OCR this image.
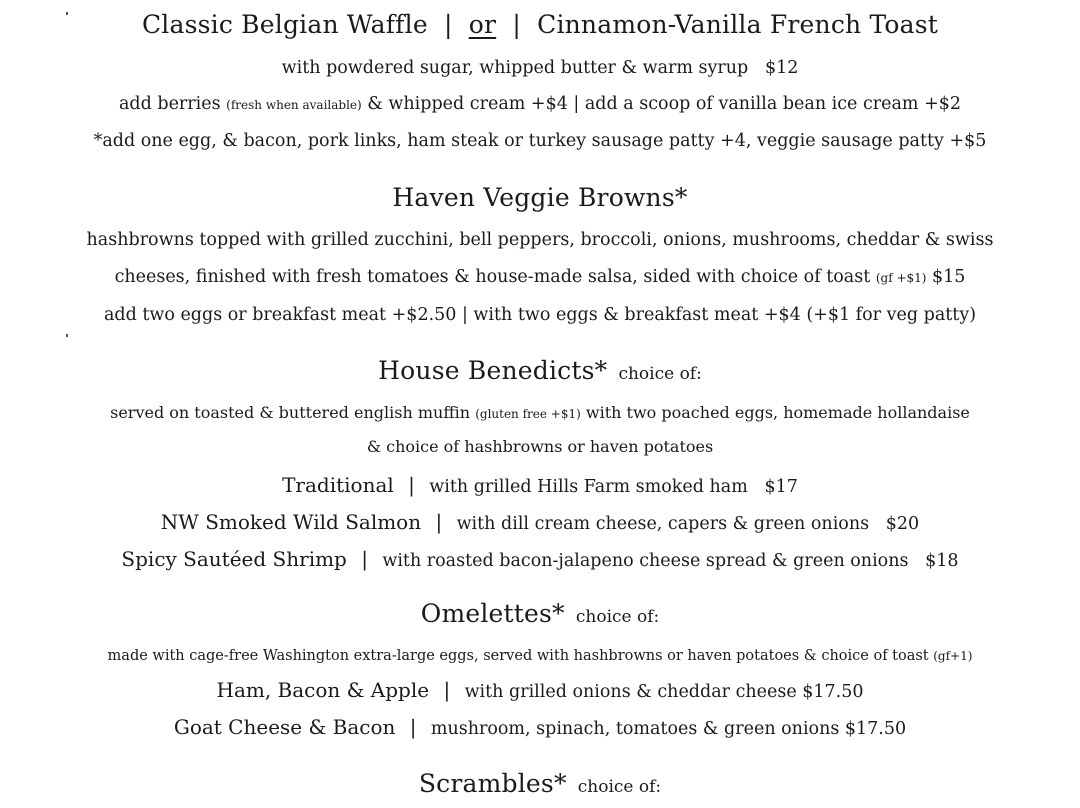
Classic Belgian Waffle | or | Cinnamon-Vanilla French Toast
with powdered sugar, whipped butter & warm syrup   $12
add berries (fresh when available) & whipped cream +$4 | add a scoop of vanilla bean ice cream +$2
*add one egg, & bacon, pork links, ham steak or turkey sausage patty +4, veggie sausage patty +$5
Haven Veggie Browns*
hashbrowns topped with grilled zucchini, bell peppers, broccoli, onions, mushrooms, cheddar & swiss
cheeses, finished with fresh tomatoes & house-made salsa, sided with choice of toast (gf +$1) $15
add two eggs or breakfast meat +$2.50 | with two eggs & breakfast meat +$4 (+$1 for veg patty)
House Benedicts* choice of:
served on toasted & buttered english muffin (gluten free +$1) with two poached eggs, homemade hollandaise
& choice of hashbrowns or haven potatoes
Traditional | with grilled Hills Farm smoked ham   $17
NW Smoked Wild Salmon | with dill cream cheese, capers & green onions   $20
Spicy Sautéed Shrimp | with roasted bacon-jalapeno cheese spread & green onions   $18
Omelettes* choice of:
made with cage-free Washington extra-large eggs, served with hashbrowns or haven potatoes & choice of toast (gf+1)
Ham, Bacon & Apple | with grilled onions & cheddar cheese $17.50
Goat Cheese & Bacon | mushroom, spinach, tomatoes & green onions $17.50
Scrambles* choice of:
